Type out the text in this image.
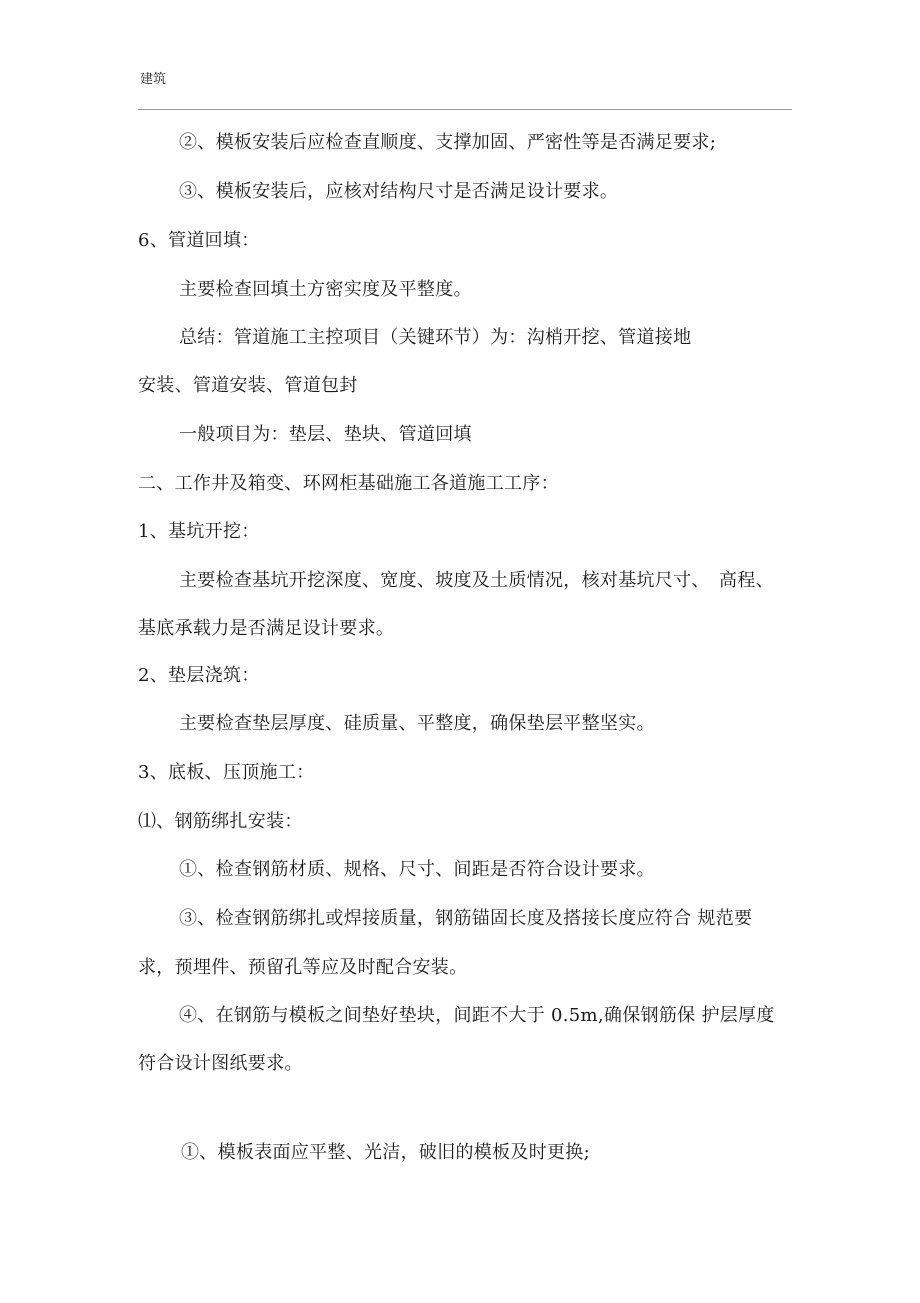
建筑
②、模板安装后应检查直顺度、支撑加固、严密性等是否满足要求;
③、模板安装后，应核对结构尺寸是否满足设计要求。
6、管道回填：
主要检查回填土方密实度及平整度。
总结：管道施工主控项目（关键环节）为：沟梢开挖、管道接地
安装、管道安装、管道包封
一般项目为：垫层、垫块、管道回填
二、工作井及箱变、环网柜基础施工各道施工工序：
1、基坑开挖：
主要检查基坑开挖深度、宽度、坡度及土质情况，核对基坑尺寸、　高程、
基底承载力是否满足设计要求。
2、垫层浇筑：
主要检查垫层厚度、硅质量、平整度，确保垫层平整坚实。
3、底板、压顶施工：
⑴、钢筋绑扎安装：
①、检查钢筋材质、规格、尺寸、间距是否符合设计要求。
③、检查钢筋绑扎或焊接质量，钢筋锚固长度及搭接长度应符合 规范要
求，预埋件、预留孔等应及时配合安装。
④、在钢筋与模板之间垫好垫块，间距不大于 0.5m,确保钢筋保 护层厚度
符合设计图纸要求。
①、模板表面应平整、光洁，破旧的模板及时更换;
